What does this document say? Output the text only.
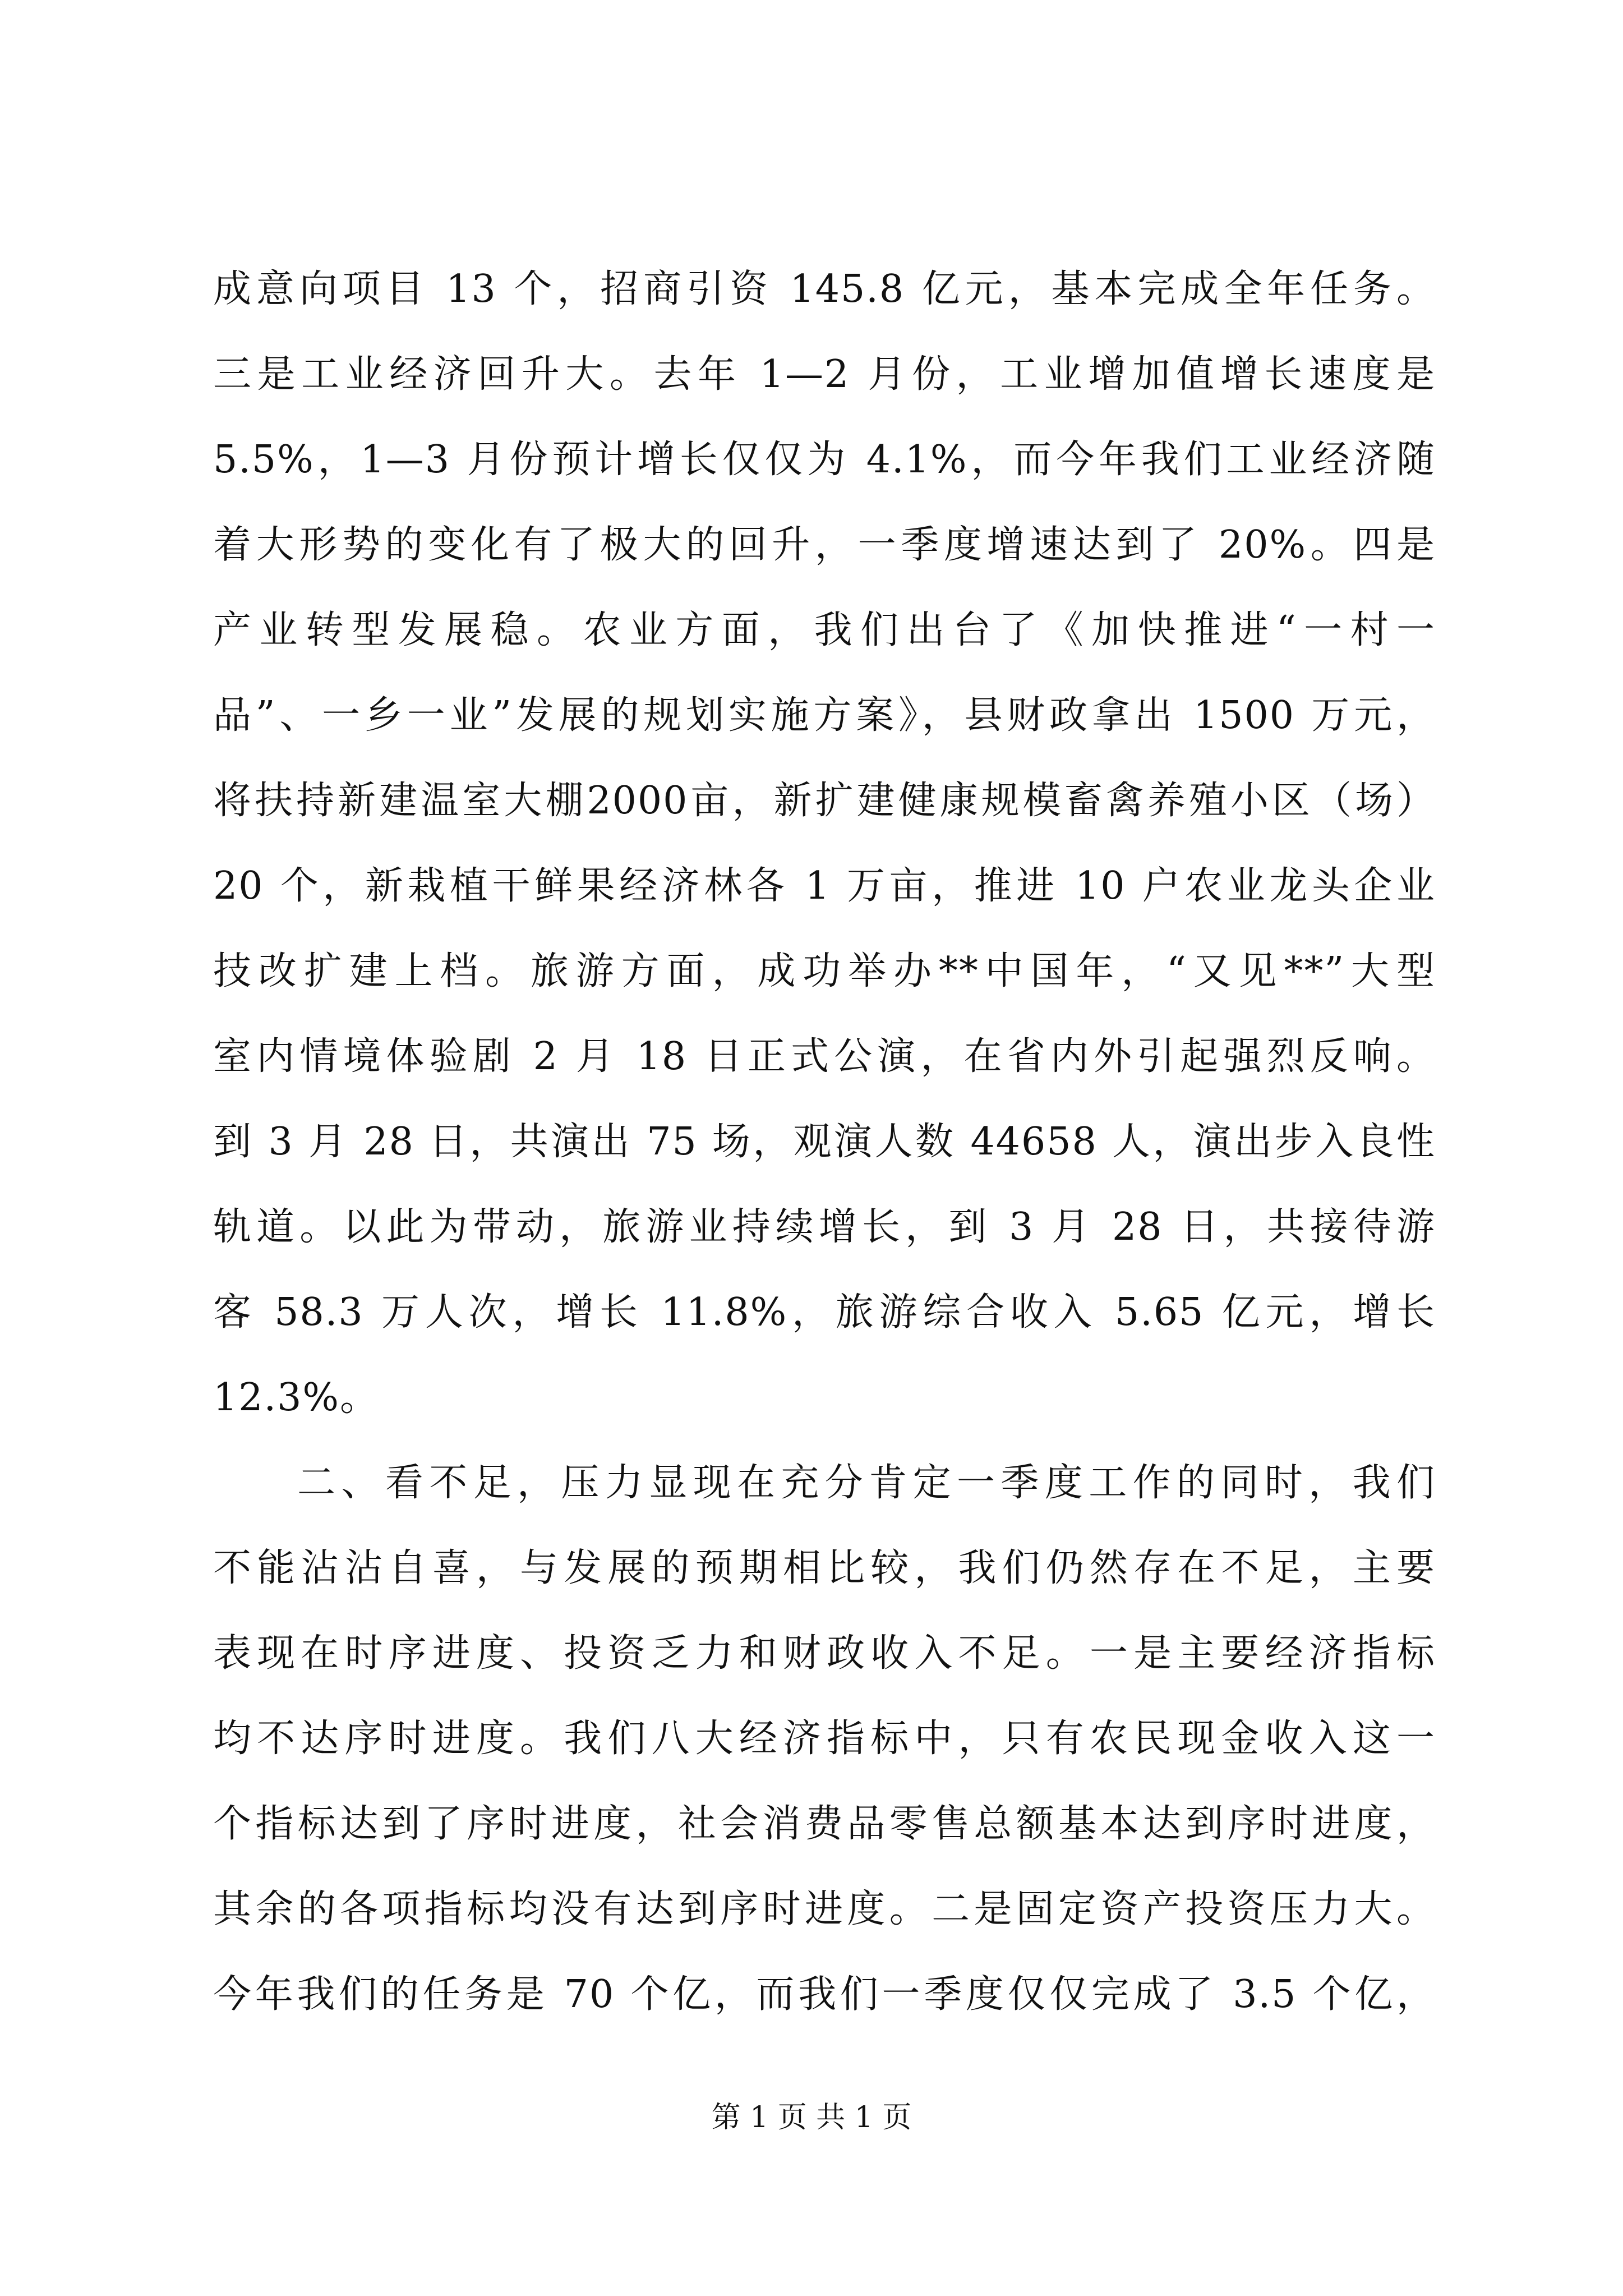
成意向项目 13 个，招商引资 145.8 亿元，基本完成全年任务。
三是工业经济回升大。去年 1—2 月份，工业增加值增长速度是
5.5%，1—3 月份预计增长仅仅为 4.1%，而今年我们工业经济随
着大形势的变化有了极大的回升，一季度增速达到了 20%。四是
产业转型发展稳。农业方面，我们出台了《加快推进“一村一
品”、一乡一业”发展的规划实施方案》，县财政拿出 1500 万元，
将扶持新建温室大棚2000亩，新扩建健康规模畜禽养殖小区（场）
20 个，新栽植干鲜果经济林各 1 万亩，推进 10 户农业龙头企业
技改扩建上档。旅游方面，成功举办**中国年，“又见**”大型
室内情境体验剧 2 月 18 日正式公演，在省内外引起强烈反响。
到 3 月 28 日，共演出 75 场，观演人数 44658 人，演出步入良性
轨道。以此为带动，旅游业持续增长，到 3 月 28 日，共接待游
客 58.3 万人次，增长 11.8%，旅游综合收入 5.65 亿元，增长
12.3%。
二、看不足，压力显现在充分肯定一季度工作的同时，我们
不能沾沾自喜，与发展的预期相比较，我们仍然存在不足，主要
表现在时序进度、投资乏力和财政收入不足。一是主要经济指标
均不达序时进度。我们八大经济指标中，只有农民现金收入这一
个指标达到了序时进度，社会消费品零售总额基本达到序时进度，
其余的各项指标均没有达到序时进度。二是固定资产投资压力大。
今年我们的任务是 70 个亿，而我们一季度仅仅完成了 3.5 个亿，
第 1 页 共 1 页
